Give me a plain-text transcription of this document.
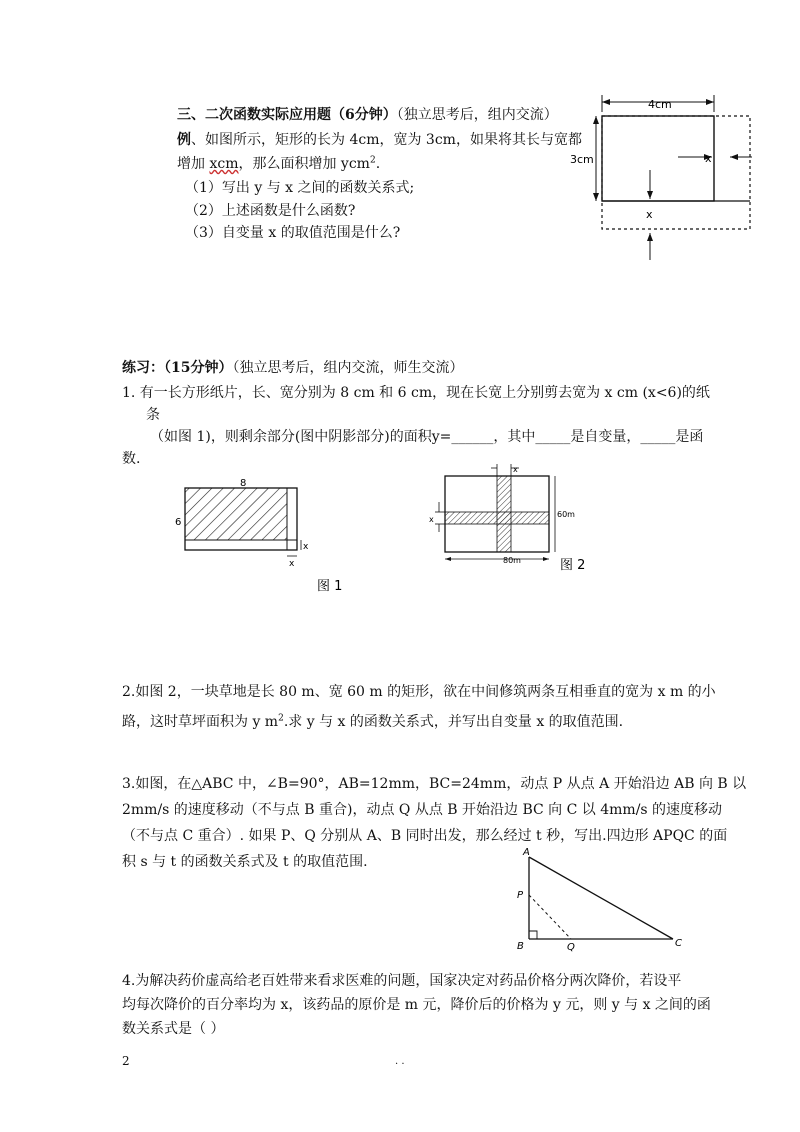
三、二次函数实际应用题（6分钟）（独立思考后，组内交流）
例、如图所示，矩形的长为 4cm，宽为 3cm，如果将其长与宽都
增加 xcm，那么面积增加 ycm$^2$.
（1）写出 y 与 x 之间的函数关系式;
（2）上述函数是什么函数?
（3）自变量 x 的取值范围是什么?
4cm
3cm	x
x
练习：（15分钟）（独立思考后，组内交流，师生交流）
1. 有一长方形纸片，长、宽分别为 8 cm 和 6 cm，现在长宽上分别剪去宽为 x cm (x<6)的纸
条
（如图 1)，则剩余部分(图中阴影部分)的面积y=______，其中_____是自变量，_____是函
数.
8
6
x
x
图 1
x
x
60m
80m	图 2
2.如图 2，一块草地是长 80 m、宽 60 m 的矩形，欲在中间修筑两条互相垂直的宽为 x m 的小
路，这时草坪面积为 y $m^2$.求 y 与 x 的函数关系式，并写出自变量 x 的取值范围.
3.如图，在△ABC 中，∠B=90°，AB=12mm，BC=24mm，动点 P 从点 A 开始沿边 AB 向 B 以
2mm/s 的速度移动（不与点 B 重合)，动点 Q 从点 B 开始沿边 BC 向 C 以 4mm/s 的速度移动
（不与点 C 重合）. 如果 P、Q 分别从 A、B 同时出发，那么经过 t 秒，写出.四边形 APQC 的面
积 s 与 t 的函数关系式及 t 的取值范围.
A
P
B	Q	C
4.为解决药价虚高给老百姓带来看求医难的问题，国家决定对药品价格分两次降价，若设平
均每次降价的百分率均为 x，该药品的原价是 m 元，降价后的价格为 y 元，则 y 与 x 之间的函
数关系式是（ ）
2	. .
